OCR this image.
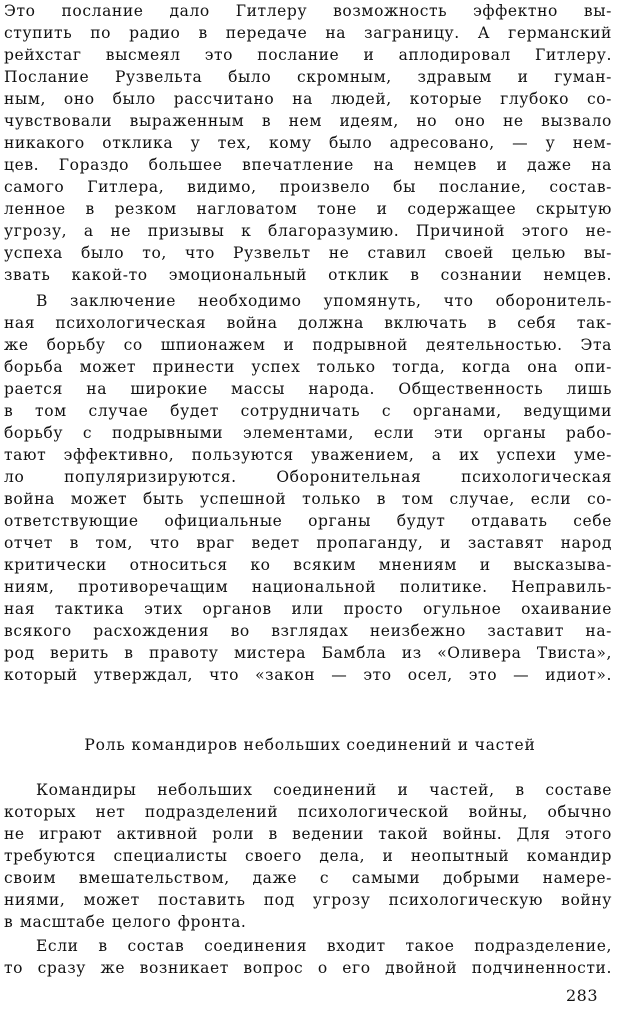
Это послание дало Гитлеру возможность эффектно вы-
ступить по радио в передаче на заграницу. А германский
рейхстаг высмеял это послание и аплодировал Гитлеру.
Послание Рузвельта было скромным, здравым и гуман-
ным, оно было рассчитано на людей, которые глубоко со-
чувствовали выраженным в нем идеям, но оно не вызвало
никакого отклика у тех, кому было адресовано, — у нем-
цев. Гораздо большее впечатление на немцев и даже на
самого Гитлера, видимо, произвело бы послание, состав-
ленное в резком нагловатом тоне и содержащее скрытую
угрозу, а не призывы к благоразумию. Причиной этого не-
успеха было то, что Рузвельт не ставил своей целью вы-
звать какой-то эмоциональный отклик в сознании немцев.
В заключение необходимо упомянуть, что оборонитель-
ная психологическая война должна включать в себя так-
же борьбу со шпионажем и подрывной деятельностью. Эта
борьба может принести успех только тогда, когда она опи-
рается на широкие массы народа. Общественность лишь
в том случае будет сотрудничать с органами, ведущими
борьбу с подрывными элементами, если эти органы рабо-
тают эффективно, пользуются уважением, а их успехи уме-
ло популяризируются. Оборонительная психологическая
война может быть успешной только в том случае, если со-
ответствующие официальные органы будут отдавать себе
отчет в том, что враг ведет пропаганду, и заставят народ
критически относиться ко всяким мнениям и высказыва-
ниям, противоречащим национальной политике. Неправиль-
ная тактика этих органов или просто огульное охаивание
всякого расхождения во взглядах неизбежно заставит на-
род верить в правоту мистера Бамбла из «Оливера Твиста»,
который утверждал, что «закон — это осел, это — идиот».
Роль командиров небольших соединений и частей
Командиры небольших соединений и частей, в составе
которых нет подразделений психологической войны, обычно
не играют активной роли в ведении такой войны. Для этого
требуются специалисты своего дела, и неопытный командир
своим вмешательством, даже с самыми добрыми намере-
ниями, может поставить под угрозу психологическую войну
в масштабе целого фронта.
Если в состав соединения входит такое подразделение,
то сразу же возникает вопрос о его двойной подчиненности.
283
